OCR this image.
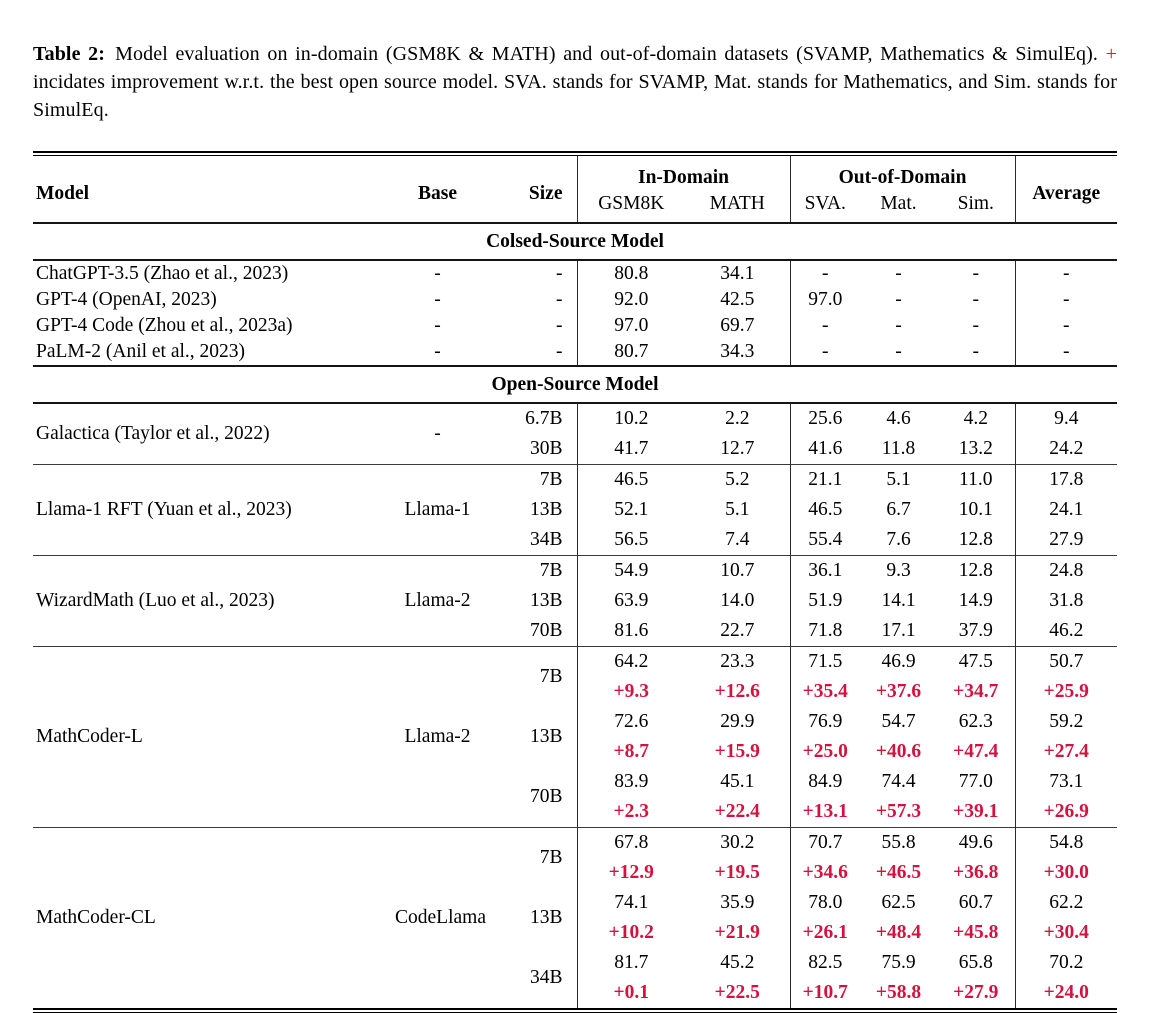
Table 2:  Model evaluation on in-domain (GSM8K & MATH) and out-of-domain datasets (SVAMP, Mathematics & SimulEq). + incidates improvement w.r.t. the best open source model. SVA. stands for SVAMP, Mat. stands for Mathematics, and Sim. stands for SimulEq.

Model	Base	Size	In-Domain		Out-of-Domain			Average
			GSM8K	MATH	SVA.	Mat.	Sim.	
Colsed-Source Model								
ChatGPT-3.5 (Zhao et al., 2023)	-	-	80.8	34.1	-	-	-	-
GPT-4 (OpenAI, 2023)	-	-	92.0	42.5	97.0	-	-	-
GPT-4 Code (Zhou et al., 2023a)	-	-	97.0	69.7	-	-	-	-
PaLM-2 (Anil et al., 2023)	-	-	80.7	34.3	-	-	-	-
Open-Source Model								
Galactica (Taylor et al., 2022)	-	6.7B	10.2	2.2	25.6	4.6	4.2	9.4
		30B	41.7	12.7	41.6	11.8	13.2	24.2
Llama-1 RFT (Yuan et al., 2023)	Llama-1	7B	46.5	5.2	21.1	5.1	11.0	17.8
		13B	52.1	5.1	46.5	6.7	10.1	24.1
		34B	56.5	7.4	55.4	7.6	12.8	27.9
WizardMath (Luo et al., 2023)	Llama-2	7B	54.9	10.7	36.1	9.3	12.8	24.8
		13B	63.9	14.0	51.9	14.1	14.9	31.8
		70B	81.6	22.7	71.8	17.1	37.9	46.2
MathCoder-L	Llama-2	7B	64.2	23.3	71.5	46.9	47.5	50.7
			+9.3	+12.6	+35.4	+37.6	+34.7	+25.9
		13B	72.6	29.9	76.9	54.7	62.3	59.2
			+8.7	+15.9	+25.0	+40.6	+47.4	+27.4
		70B	83.9	45.1	84.9	74.4	77.0	73.1
			+2.3	+22.4	+13.1	+57.3	+39.1	+26.9
MathCoder-CL	CodeLlama	7B	67.8	30.2	70.7	55.8	49.6	54.8
			+12.9	+19.5	+34.6	+46.5	+36.8	+30.0
		13B	74.1	35.9	78.0	62.5	60.7	62.2
			+10.2	+21.9	+26.1	+48.4	+45.8	+30.4
		34B	81.7	45.2	82.5	75.9	65.8	70.2
			+0.1	+22.5	+10.7	+58.8	+27.9	+24.0
